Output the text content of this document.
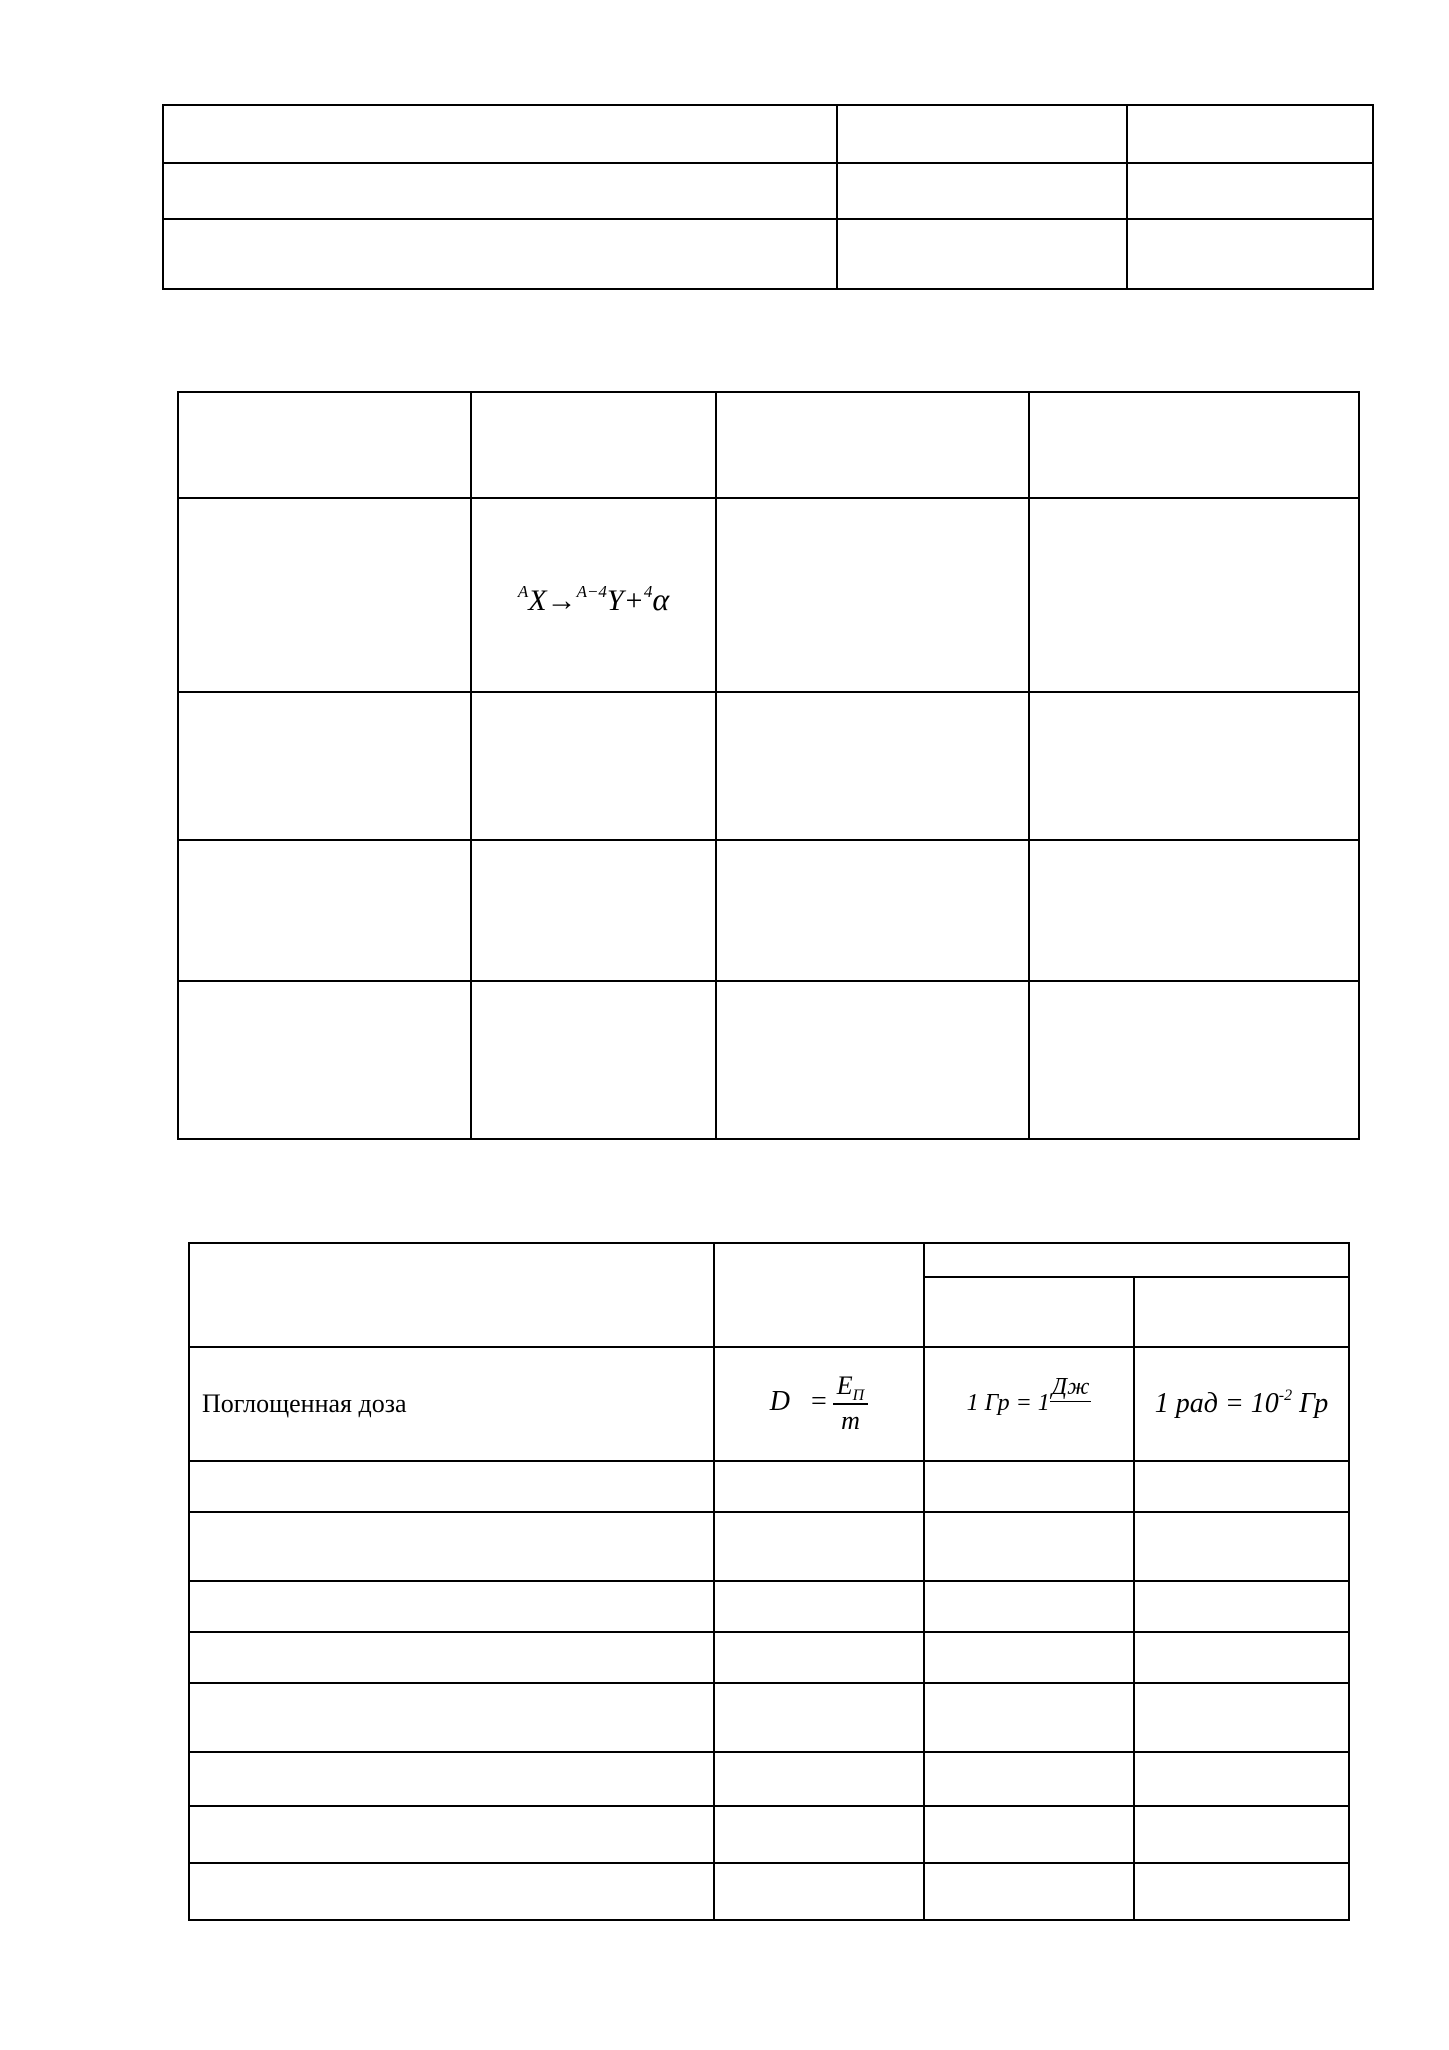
	$^A$X→$^{A-4}$Y+$^4$α		

Поглощенная доза	$D = \frac{E_П}{m}$	1 Гр = 1Дж	1 рад = $10^{-2}$ Гр
